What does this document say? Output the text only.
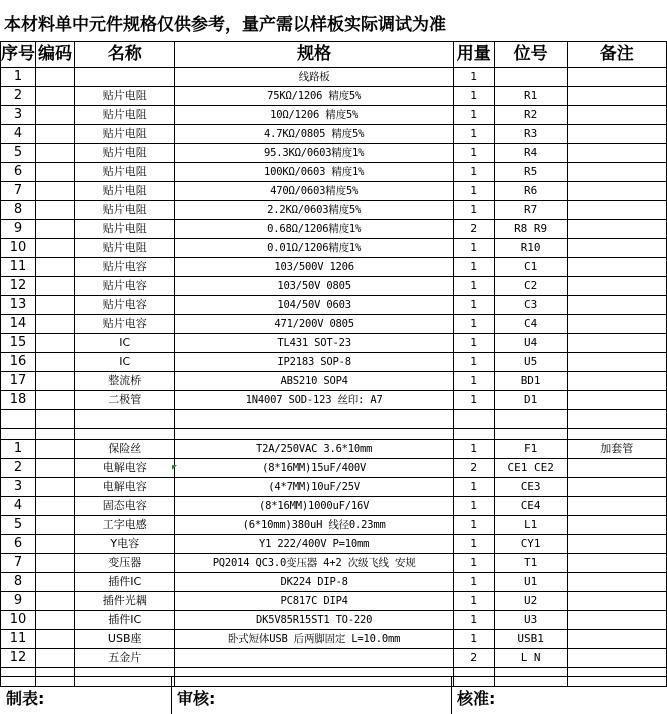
本材料单中元件规格仅供参考，量产需以样板实际调试为准
序号	编码	名称	规格	用量	位号	备注
1			线路板	1		
2		贴片电阻	75KΩ/1206 精度5%	1	R1	
3		贴片电阻	10Ω/1206 精度5%	1	R2	
4		贴片电阻	4.7KΩ/0805 精度5%	1	R3	
5		贴片电阻	95.3KΩ/0603精度1%	1	R4	
6		贴片电阻	100KΩ/0603 精度1%	1	R5	
7		贴片电阻	470Ω/0603精度5%	1	R6	
8		贴片电阻	2.2KΩ/0603精度5%	1	R7	
9		贴片电阻	0.68Ω/1206精度1%	2	R8 R9	
10		贴片电阻	0.01Ω/1206精度1%	1	R10	
11		贴片电容	103/500V 1206	1	C1	
12		贴片电容	103/50V 0805	1	C2	
13		贴片电容	104/50V 0603	1	C3	
14		贴片电容	471/200V 0805	1	C4	
15		IC	TL431 SOT-23	1	U4	
16		IC	IP2183 SOP-8	1	U5	
17		整流桥	ABS210 SOP4	1	BD1	
18		二极管	1N4007 SOD-123 丝印: A7	1	D1	

1		保险丝	T2A/250VAC 3.6*10mm	1	F1	加套管
2		电解电容	(8*16MM)15uF/400V	2	CE1 CE2	
3		电解电容	(4*7MM)10uF/25V	1	CE3	
4		固态电容	(8*16MM)1000uF/16V	1	CE4	
5		工字电感	(6*10mm)380uH 线径0.23mm	1	L1	
6		Y电容	Y1 222/400V P=10mm	1	CY1	
7		变压器	PQ2014 QC3.0变压器 4+2 次级飞线 安规	1	T1	
8		插件IC	DK224 DIP-8	1	U1	
9		插件光耦	PC817C DIP4	1	U2	
10		插件IC	DK5V85R15ST1 TO-220	1	U3	
11		USB座	卧式短体USB 后两脚固定 L=10.0mm	1	USB1	
12		五金片		2	L N	

制表:	审核:	核准:
